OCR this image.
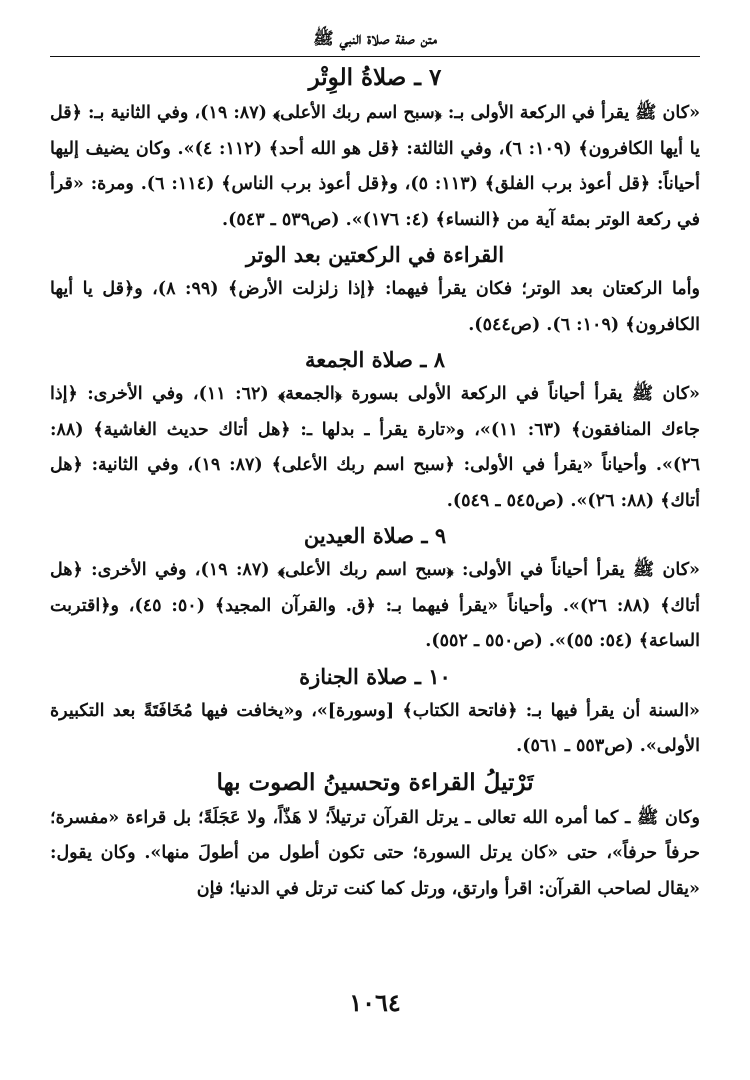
متن صفة صلاة النبي ﷺ
٧ ـ صلاةُ الوِتْر

«كان ﷺ يقرأ في الركعة الأولى بـ: ﴿سبح اسم ربك الأعلى﴾ (٨٧: ١٩)، وفي الثانية بـ: ﴿قل يا أيها الكافرون﴾ (١٠٩: ٦)، وفي الثالثة: ﴿قل هو الله أحد﴾ (١١٢: ٤)». وكان يضيف إليها أحياناً: ﴿قل أعوذ برب الفلق﴾ (١١٣: ٥)، و﴿قل أعوذ برب الناس﴾ (١١٤: ٦). ومرة: «قرأ في ركعة الوتر بمئة آية من ﴿النساء﴾ (٤: ١٧٦)». (ص٥٣٩ ـ ٥٤٣).

القراءة في الركعتين بعد الوتر

وأما الركعتان بعد الوتر؛ فكان يقرأ فيهما: ﴿إذا زلزلت الأرض﴾ (٩٩: ٨)، و﴿قل يا أيها الكافرون﴾ (١٠٩: ٦). (ص٥٤٤).

٨ ـ صلاة الجمعة

«كان ﷺ يقرأ أحياناً في الركعة الأولى بسورة ﴿الجمعة﴾ (٦٢: ١١)، وفي الأخرى: ﴿إذا جاءك المنافقون﴾ (٦٣: ١١)»، و«تارة يقرأ ـ بدلها ـ: ﴿هل أتاك حديث الغاشية﴾ (٨٨: ٢٦)». وأحياناً «يقرأ في الأولى: ﴿سبح اسم ربك الأعلى﴾ (٨٧: ١٩)، وفي الثانية: ﴿هل أتاك﴾ (٨٨: ٢٦)». (ص٥٤٥ ـ ٥٤٩).

٩ ـ صلاة العيدين

«كان ﷺ يقرأ أحياناً في الأولى: ﴿سبح اسم ربك الأعلى﴾ (٨٧: ١٩)، وفي الأخرى: ﴿هل أتاك﴾ (٨٨: ٢٦)». وأحياناً «يقرأ فيهما بـ: ﴿ق. والقرآن المجيد﴾ (٥٠: ٤٥)، و﴿اقتربت الساعة﴾ (٥٤: ٥٥)». (ص٥٥٠ ـ ٥٥٢).

١٠ ـ صلاة الجنازة

«السنة أن يقرأ فيها بـ: ﴿فاتحة الكتاب﴾ [وسورة]»، و«يخافت فيها مُخَافَتَةً بعد التكبيرة الأولى». (ص٥٥٣ ـ ٥٦١).

تَرْتيلُ القراءة وتحسينُ الصوت بها

وكان ﷺ ـ كما أمره الله تعالى ـ يرتل القرآن ترتيلاً؛ لا هَذّاً، ولا عَجَلَةً؛ بل قراءة «مفسرة؛ حرفاً حرفاً»، حتى «كان يرتل السورة؛ حتى تكون أطول من أطولَ منها». وكان يقول: «يقال لصاحب القرآن: اقرأ وارتق، ورتل كما كنت ترتل في الدنيا؛ فإن

١٠٦٤
